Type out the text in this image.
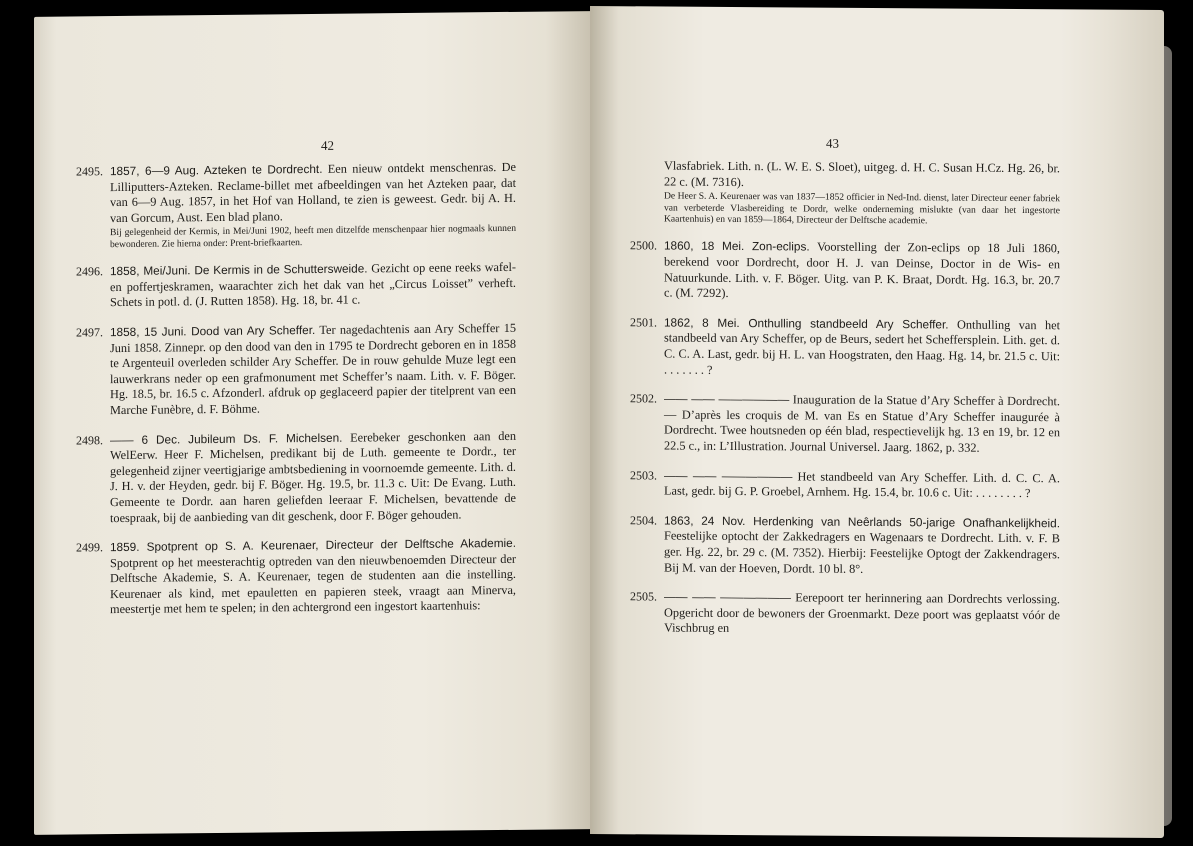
42

2495. 1857, 6—9 Aug. Azteken te Dordrecht. Een nieuw ontdekt menschenras. De Lilliputters-Azteken. Reclame-billet met afbeeldingen van het Azteken paar, dat van 6—9 Aug. 1857, in het Hof van Holland, te zien is geweest. Gedr. bij A. H. van Gorcum, Aust. Een blad plano.
Bij gelegenheid der Kermis, in Mei/Juni 1902, heeft men ditzelfde menschenpaar hier nogmaals kunnen bewonderen. Zie hierna onder: Prent-briefkaarten.

2496. 1858, Mei/Juni. De Kermis in de Schuttersweide. Gezicht op eene reeks wafel- en poffertjeskramen, waarachter zich het dak van het „Circus Loisset” verheft. Schets in potl. d. (J. Rutten 1858). Hg. 18, br. 41 c.

2497. 1858, 15 Juni. Dood van Ary Scheffer. Ter nagedachtenis aan Ary Scheffer 15 Juni 1858. Zinnepr. op den dood van den in 1795 te Dordrecht geboren en in 1858 te Argenteuil overleden schilder Ary Scheffer. De in rouw gehulde Muze legt een lauwerkrans neder op een grafmonument met Scheffer’s naam. Lith. v. F. Böger. Hg. 18.5, br. 16.5 c. Afzonderl. afdruk op geglaceerd papier der titelprent van een Marche Funèbre, d. F. Böhme.

2498. —— 6 Dec. Jubileum Ds. F. Michelsen. Eerebeker geschonken aan den WelEerw. Heer F. Michelsen, predikant bij de Luth. gemeente te Dordr., ter gelegenheid zijner veertigjarige ambtsbediening in voornoemde gemeente. Lith. d. J. H. v. der Heyden, gedr. bij F. Böger. Hg. 19.5, br. 11.3 c. Uit: De Evang. Luth. Gemeente te Dordr. aan haren geliefden leeraar F. Michelsen, bevattende de toespraak, bij de aanbieding van dit geschenk, door F. Böger gehouden.

2499. 1859. Spotprent op S. A. Keurenaer, Directeur der Delftsche Akademie. Spotprent op het meesterachtig optreden van den nieuwbenoemden Directeur der Delftsche Akademie, S. A. Keurenaer, tegen de studenten aan die instelling. Keurenaer als kind, met epauletten en papieren steek, vraagt aan Minerva, meestertje met hem te spelen; in den achtergrond een ingestort kaartenhuis:

43

Vlasfabriek. Lith. n. (L. W. E. S. Sloet), uitgeg. d. H. C. Susan H.Cz. Hg. 26, br. 22 c. (M. 7316).
De Heer S. A. Keurenaer was van 1837—1852 officier in Ned-Ind. dienst, later Directeur eener fabriek van verbeterde Vlasbereiding te Dordr, welke onderneming mislukte (van daar het ingestorte Kaartenhuis) en van 1859—1864, Directeur der Delftsche academie.

2500. 1860, 18 Mei. Zon-eclips. Voorstelling der Zon-eclips op 18 Juli 1860, berekend voor Dordrecht, door H. J. van Deinse, Doctor in de Wis- en Natuurkunde. Lith. v. F. Böger. Uitg. van P. K. Braat, Dordt. Hg. 16.3, br. 20.7 c. (M. 7292).

2501. 1862, 8 Mei. Onthulling standbeeld Ary Scheffer. Onthulling van het standbeeld van Ary Scheffer, op de Beurs, sedert het Scheffersplein. Lith. get. d. C. C. A. Last, gedr. bij H. L. van Hoogstraten, den Haag. Hg. 14, br. 21.5 c. Uit: . . . . . . . ?

2502. —— —— —————— Inauguration de la Statue d’Ary Scheffer à Dordrecht. — D’après les croquis de M. van Es en Statue d’Ary Scheffer inaugurée à Dordrecht. Twee houtsneden op één blad, respectievelijk hg. 13 en 19, br. 12 en 22.5 c., in: L’Illustration. Journal Universel. Jaarg. 1862, p. 332.

2503. —— —— —————— Het standbeeld van Ary Scheffer. Lith. d. C. C. A. Last, gedr. bij G. P. Groebel, Arnhem. Hg. 15.4, br. 10.6 c. Uit: . . . . . . . . ?

2504. 1863, 24 Nov. Herdenking van Neêrlands 50-jarige Onafhankelijkheid. Feestelijke optocht der Zakkedragers en Wagenaars te Dordrecht. Lith. v. F. B ger. Hg. 22, br. 29 c. (M. 7352). Hierbij: Feestelijke Optogt der Zakkendragers. Bij M. van der Hoeven, Dordt. 10 bl. 8°.

2505. —— —— —————— Eerepoort ter herinnering aan Dordrechts verlossing. Opgericht door de bewoners der Groenmarkt. Deze poort was geplaatst vóór de Vischbrug en
